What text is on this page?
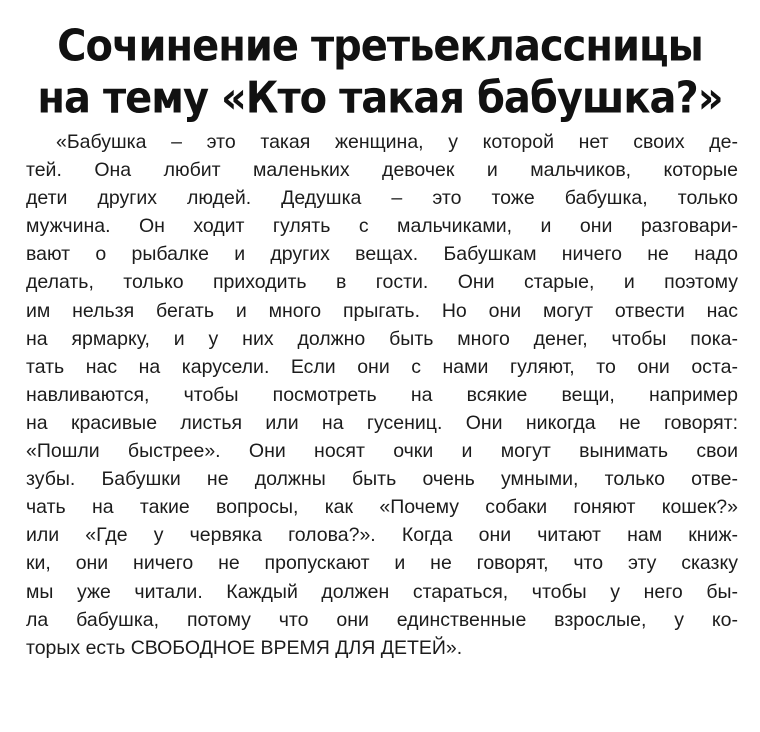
Сочинение третьеклассницы
на тему «Кто такая бабушка?»
«Бабушка – это такая женщина, у которой нет своих де-
тей. Она любит маленьких девочек и мальчиков, которые
дети других людей. Дедушка – это тоже бабушка, только
мужчина. Он ходит гулять с мальчиками, и они разговари-
вают о рыбалке и других вещах. Бабушкам ничего не надо
делать, только приходить в гости. Они старые, и поэтому
им нельзя бегать и много прыгать. Но они могут отвести нас
на ярмарку, и у них должно быть много денег, чтобы пока-
тать нас на карусели. Если они с нами гуляют, то они оста-
навливаются, чтобы посмотреть на всякие вещи, например
на красивые листья или на гусениц. Они никогда не говорят:
«Пошли быстрее». Они носят очки и могут вынимать свои
зубы. Бабушки не должны быть очень умными, только отве-
чать на такие вопросы, как «Почему собаки гоняют кошек?»
или «Где у червяка голова?». Когда они читают нам книж-
ки, они ничего не пропускают и не говорят, что эту сказку
мы уже читали. Каждый должен стараться, чтобы у него бы-
ла бабушка, потому что они единственные взрослые, у ко-
торых есть СВОБОДНОЕ ВРЕМЯ ДЛЯ ДЕТЕЙ».
